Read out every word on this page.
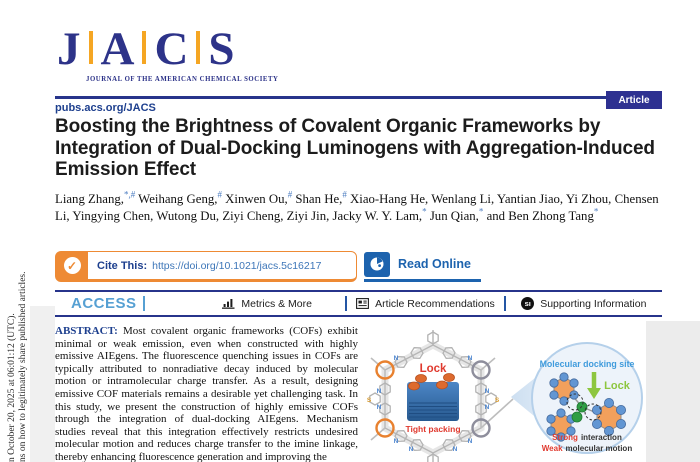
n October 20, 2025 at 06:01:12 (UTC). ns on how to legitimately share published articles.
J A C S
JOURNAL OF THE AMERICAN CHEMICAL SOCIETY
Article
pubs.acs.org/JACS
Boosting the Brightness of Covalent Organic Frameworks by
Integration of Dual-Docking Luminogens with Aggregation-Induced
Emission Effect
Liang Zhang,*,# Weihang Geng,# Xinwen Ou,# Shan He,# Xiao-Hang He, Wenlang Li, Yantian Jiao, Yi Zhou, Chensen Li, Yingying Chen, Wutong Du, Ziyi Cheng, Ziyi Jin, Jacky W. Y. Lam,* Jun Qian,* and Ben Zhong Tang*
✓	Cite This: https://doi.org/10.1021/jacs.5c16217	Read Online
ACCESS	Metrics & More	Article Recommendations	sı Supporting Information
ABSTRACT: Most covalent organic frameworks (COFs) exhibit minimal or weak emission, even when constructed with highly emissive AIEgens. The fluorescence quenching issues in COFs are typically attributed to nonradiative decay induced by molecular motion or intramolecular charge transfer. As a result, designing emissive COF materials remains a desirable yet challenging task. In this study, we present the construction of highly emissive COFs through the integration of dual-docking AIEgens. Mechanism studies reveal that this integration effectively restricts undesired molecular motion and reduces charge transfer to the imine linkage, thereby enhancing fluorescence generation and improving the
N	N
N	N
N	N
N
N
N
N
S	S
Lock
Tight packing
Molecular docking site
Lock
Strong interaction
Weak molecular motion
